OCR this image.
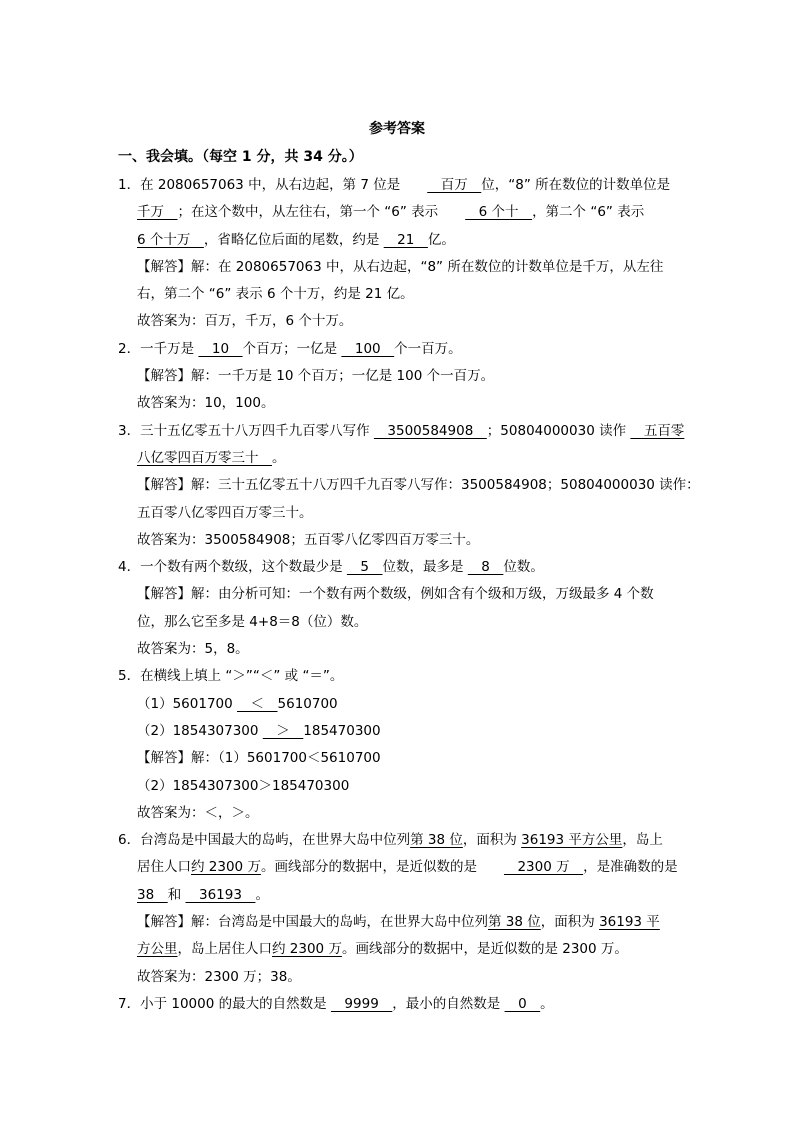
参考答案
一、我会填。（每空 1 分，共 34 分。）
1．在 2080657063 中，从右边起，第 7 位是　　　百万　位，“8” 所在数位的计数单位是
千万　；在这个数中，从左往右，第一个 “6” 表示　　　6 个十　，第二个 “6” 表示
6 个十万　，省略亿位后面的尾数，约是 　21　亿。
【解答】解：在 2080657063 中，从右边起，“8” 所在数位的计数单位是千万，从左往
右，第二个 “6” 表示 6 个十万，约是 21 亿。
故答案为：百万，千万，6 个十万。
2．一千万是 　10　个百万；一亿是 　100　个一百万。
【解答】解：一千万是 10 个百万；一亿是 100 个一百万。
故答案为：10，100。
3．三十五亿零五十八万四千九百零八写作 　3500584908　；50804000030 读作 　五百零
八亿零四百万零三十　。
【解答】解：三十五亿零五十八万四千九百零八写作：3500584908；50804000030 读作：
五百零八亿零四百万零三十。
故答案为：3500584908；五百零八亿零四百万零三十。
4．一个数有两个数级，这个数最少是 　5　位数，最多是 　8　位数。
【解答】解：由分析可知：一个数有两个数级，例如含有个级和万级，万级最多 4 个数
位，那么它至多是 4+8＝8（位）数。
故答案为：5，8。
5．在横线上填上 “＞”“＜” 或 “＝”。
（1）5601700 　＜　5610700
（2）1854307300 　＞　185470300
【解答】解：（1）5601700＜5610700
（2）1854307300＞185470300
故答案为：＜，＞。
6．台湾岛是中国最大的岛屿，在世界大岛中位列第 38 位，面积为 36193 平方公里，岛上
居住人口约 2300 万。画线部分的数据中，是近似数的是　　　2300 万　，是准确数的是
38　和 　36193　。
【解答】解：台湾岛是中国最大的岛屿，在世界大岛中位列第 38 位，面积为 36193 平
方公里，岛上居住人口约 2300 万。画线部分的数据中，是近似数的是 2300 万。
故答案为：2300 万；38。
7．小于 10000 的最大的自然数是 　9999　，最小的自然数是 　0　。
